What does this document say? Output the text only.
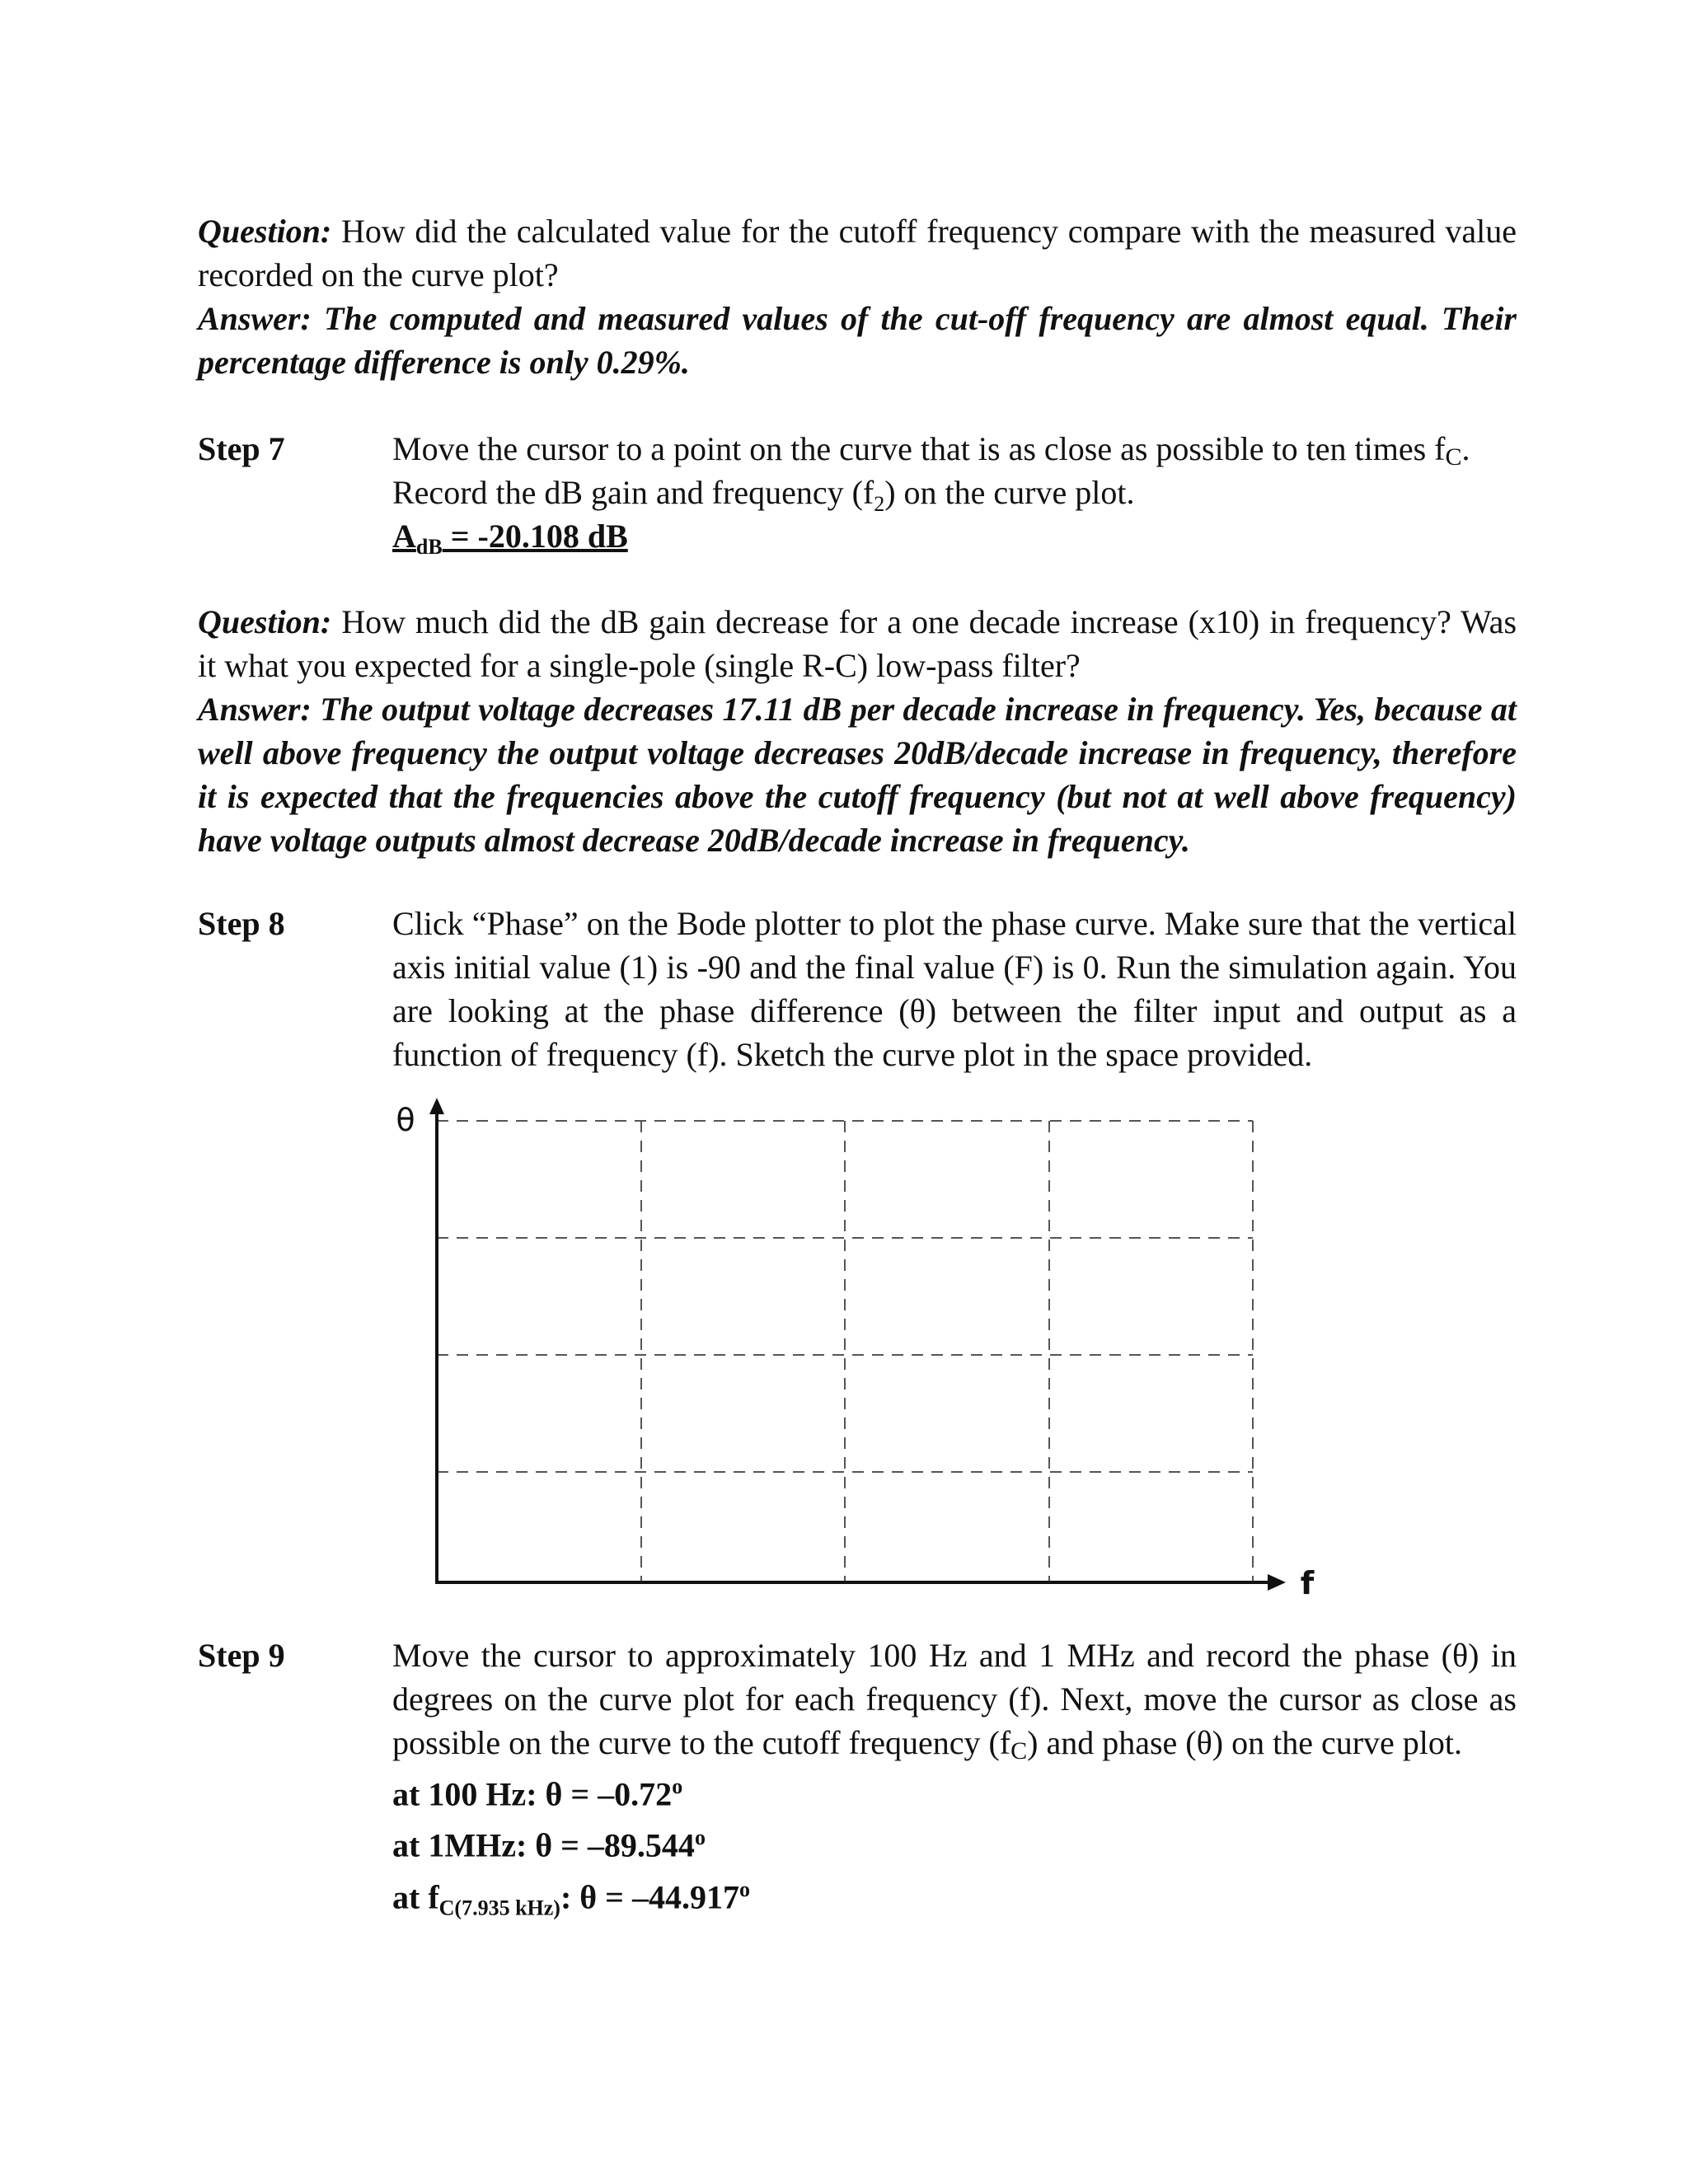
Question: How did the calculated value for the cutoff frequency compare with the measured value recorded on the curve plot?

Answer: The computed and measured values of the cut-off frequency are almost equal. Their percentage difference is only 0.29%.

Step 7	Move the cursor to a point on the curve that is as close as possible to ten times fC.

Record the dB gain and frequency $(f_2)$ on the curve plot.

$A_{dB} = -20.108$ dB

Question: How much did the dB gain decrease for a one decade increase (x10) in frequency? Was it what you expected for a single-pole (single R-C) low-pass filter?

Answer: The output voltage decreases 17.11 dB per decade increase in frequency. Yes, because at well above frequency the output voltage decreases 20dB/decade increase in frequency, therefore it is expected that the frequencies above the cutoff frequency (but not at well above frequency) have voltage outputs almost decrease 20dB/decade increase in frequency.

Step 8	Click “Phase” on the Bode plotter to plot the phase curve. Make sure that the vertical axis initial value (1) is -90 and the final value (F) is 0. Run the simulation again. You are looking at the phase difference (θ) between the filter input and output as a function of frequency (f). Sketch the curve plot in the space provided.

θ
f
Step 9	Move the cursor to approximately 100 Hz and 1 MHz and record the phase (θ) in degrees on the curve plot for each frequency (f). Next, move the cursor as close as possible on the curve to the cutoff frequency (fC) and phase (θ) on the curve plot.

at 100 Hz: $\theta = -0.72^o$

at 1MHz: $\theta = -89.544^o$

at $f_{C(7.935 kHz)}$: $\theta = -44.917^o$
